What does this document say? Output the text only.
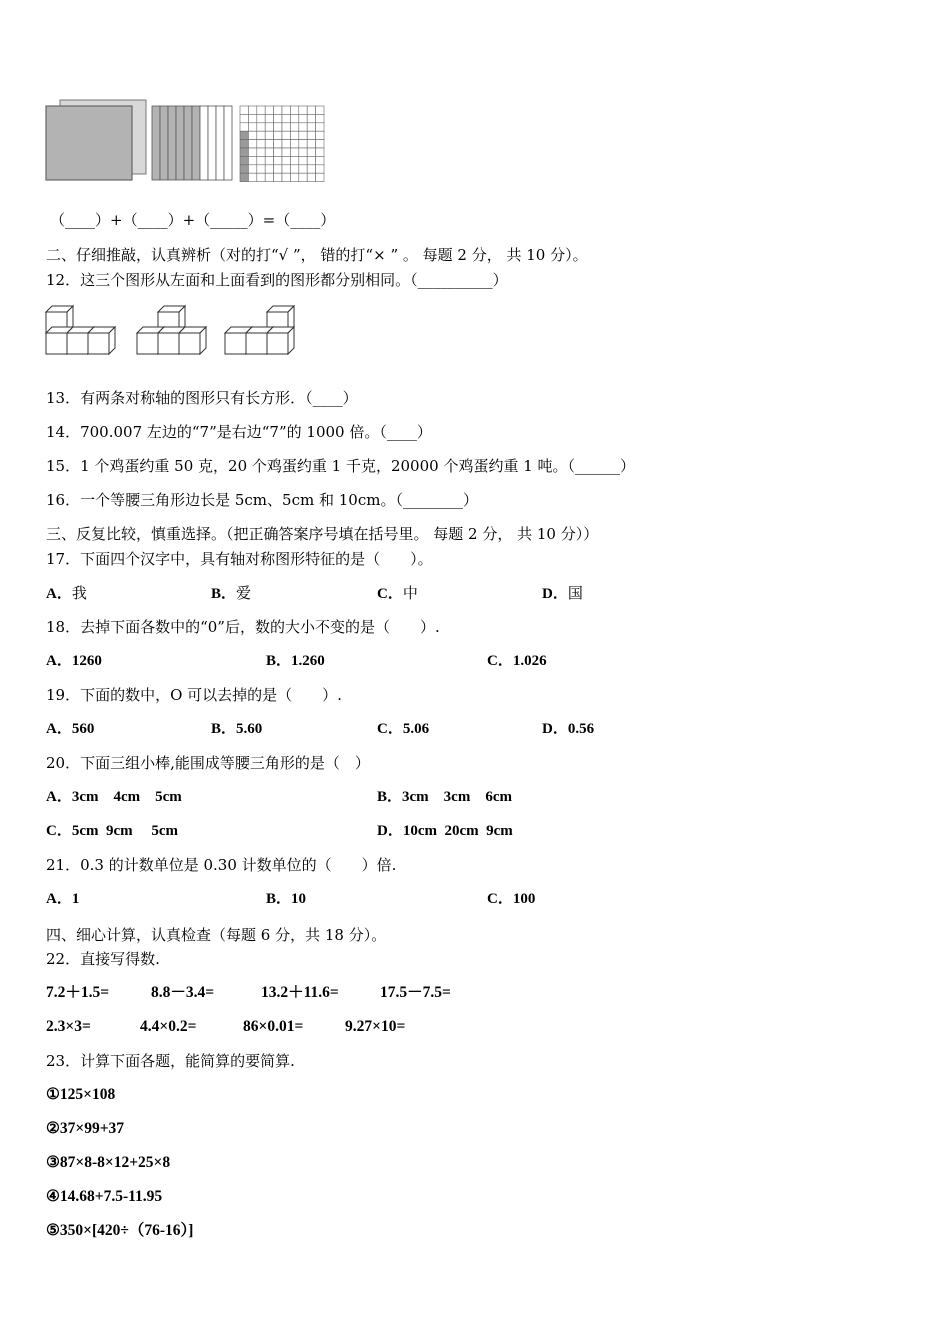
（____）+（____）+（_____）=（____）
二、仔细推敲，认真辨析（对的打“√ ”， 错的打“× ” 。 每题 2 分， 共 10 分）。
12．这三个图形从左面和上面看到的图形都分别相同。（__________）
13．有两条对称轴的图形只有长方形．（____）
14．700.007 左边的“7”是右边“7”的 1000 倍。（____）
15．1 个鸡蛋约重 50 克，20 个鸡蛋约重 1 千克，20000 个鸡蛋约重 1 吨。（______）
16．一个等腰三角形边长是 5cm、5cm 和 10cm。（________）
三、反复比较，慎重选择。（把正确答案序号填在括号里。 每题 2 分， 共 10 分））
17．下面四个汉字中，具有轴对称图形特征的是（　　）。
A．我	B．爱	C．中	D．国
18．去掉下面各数中的“0”后，数的大小不变的是（　　）.
A．1260	B．1.260	C．1.026
19．下面的数中，O 可以去掉的是（　　）.
A．560	B．5.60	C．5.06	D．0.56
20．下面三组小棒,能围成等腰三角形的是（　）
A．3cm　4cm　5cm	B．3cm　3cm　6cm
C．5cm  9cm　 5cm	D．10cm  20cm  9cm
21．0.3 的计数单位是 0.30 计数单位的（　　）倍.
A．1	B．10	C．100
四、细心计算，认真检查（每题 6 分，共 18 分）。
22．直接写得数.
7.2＋1.5=	8.8－3.4=	13.2＋11.6=	17.5－7.5=
2.3×3=	4.4×0.2=	86×0.01=	9.27×10=
23．计算下面各题，能简算的要简算.
①125×108
②37×99+37
③87×8-8×12+25×8
④14.68+7.5-11.95
⑤350×[420÷（76-16）]
